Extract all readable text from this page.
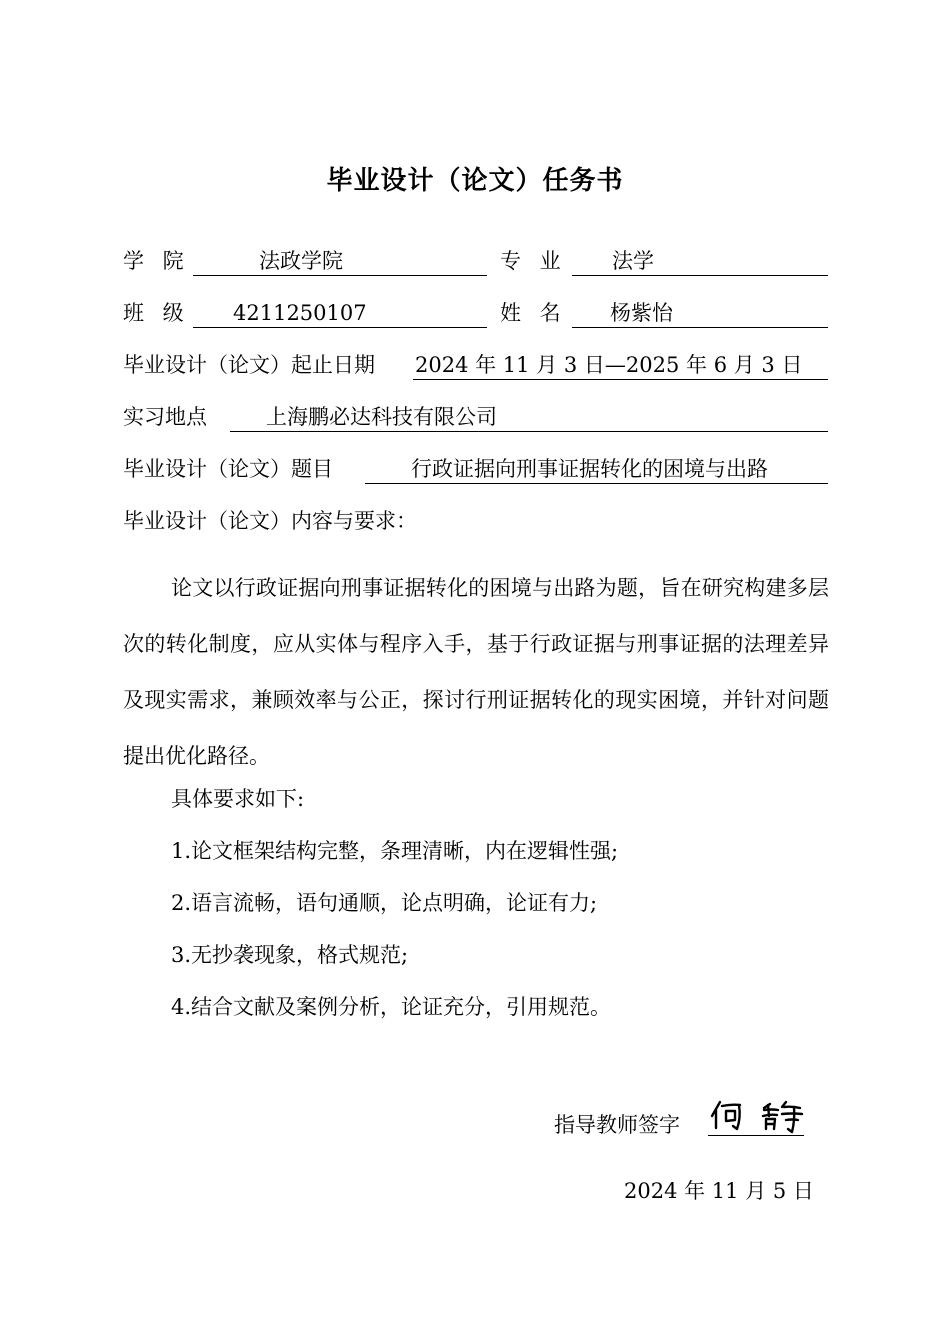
毕业设计（论文）任务书
学 院	法政学院	专 业 法学
班 级 4211250107	姓 名 杨紫怡
毕业设计（论文）起止日期 2024 年 11 月 3 日—2025 年 6 月 3 日
实习地点	上海鹏必达科技有限公司
毕业设计（论文）题目	行政证据向刑事证据转化的困境与出路
毕业设计（论文）内容与要求：
论文以行政证据向刑事证据转化的困境与出路为题，旨在研究构建多层次的转化制度，应从实体与程序入手，基于行政证据与刑事证据的法理差异及现实需求，兼顾效率与公正，探讨行刑证据转化的现实困境，并针对问题提出优化路径。
具体要求如下:
1.论文框架结构完整，条理清晰，内在逻辑性强;
2.语言流畅，语句通顺，论点明确，论证有力;
3.无抄袭现象，格式规范;
4.结合文献及案例分析，论证充分，引用规范。
指导教师签字
2024 年 11 月 5 日
